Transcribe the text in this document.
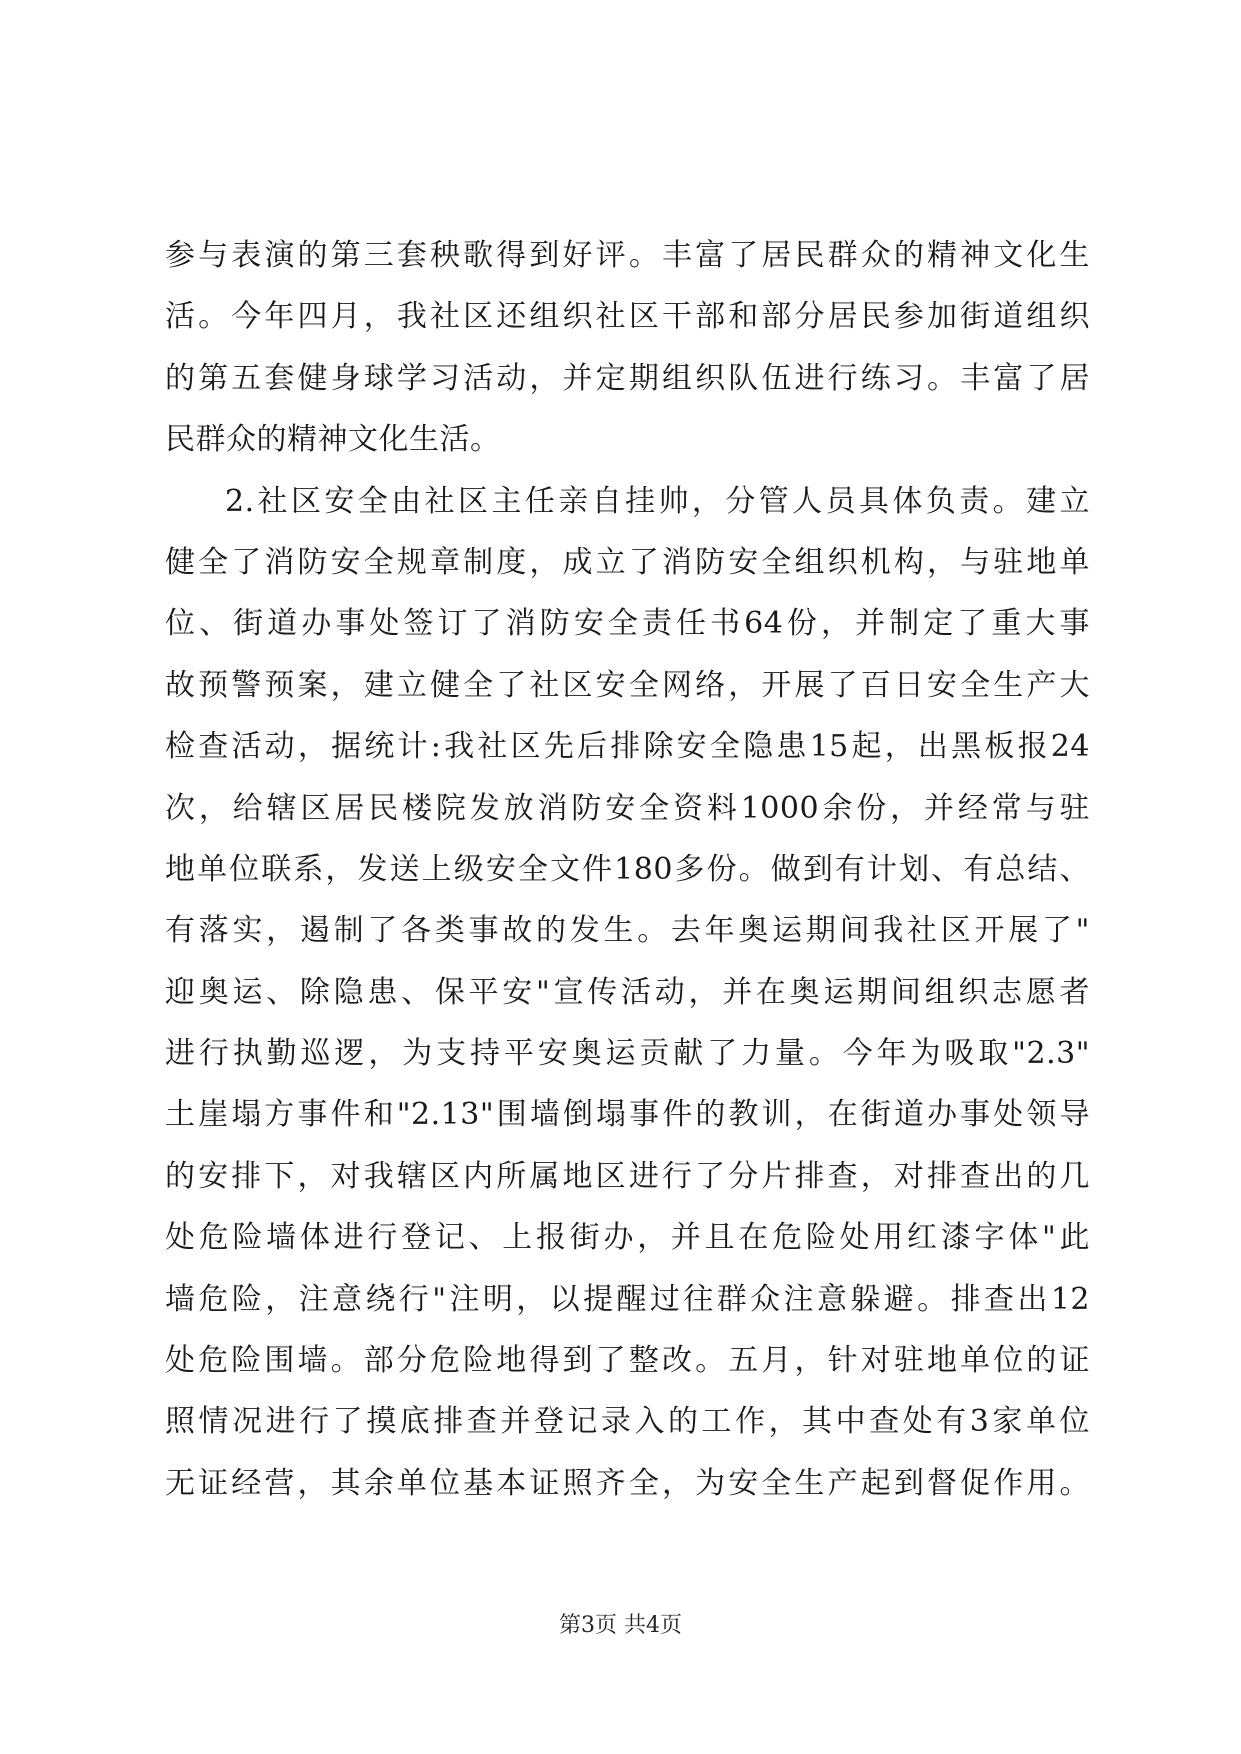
参与表演的第三套秧歌得到好评。丰富了居民群众的精神文化生
活。今年四月，我社区还组织社区干部和部分居民参加街道组织
的第五套健身球学习活动，并定期组织队伍进行练习。丰富了居
民群众的精神文化生活。
2.社区安全由社区主任亲自挂帅，分管人员具体负责。建立
健全了消防安全规章制度，成立了消防安全组织机构，与驻地单
位、街道办事处签订了消防安全责任书64份，并制定了重大事
故预警预案，建立健全了社区安全网络，开展了百日安全生产大
检查活动，据统计:我社区先后排除安全隐患15起，出黑板报24
次，给辖区居民楼院发放消防安全资料1000余份，并经常与驻
地单位联系，发送上级安全文件180多份。做到有计划、有总结、
有落实，遏制了各类事故的发生。去年奥运期间我社区开展了"
迎奥运、除隐患、保平安"宣传活动，并在奥运期间组织志愿者
进行执勤巡逻，为支持平安奥运贡献了力量。今年为吸取"2.3"
土崖塌方事件和"2.13"围墙倒塌事件的教训，在街道办事处领导
的安排下，对我辖区内所属地区进行了分片排查，对排查出的几
处危险墙体进行登记、上报街办，并且在危险处用红漆字体"此
墙危险，注意绕行"注明，以提醒过往群众注意躲避。排查出12
处危险围墙。部分危险地得到了整改。五月，针对驻地单位的证
照情况进行了摸底排查并登记录入的工作，其中查处有3家单位
无证经营，其余单位基本证照齐全，为安全生产起到督促作用。
第3页 共4页
